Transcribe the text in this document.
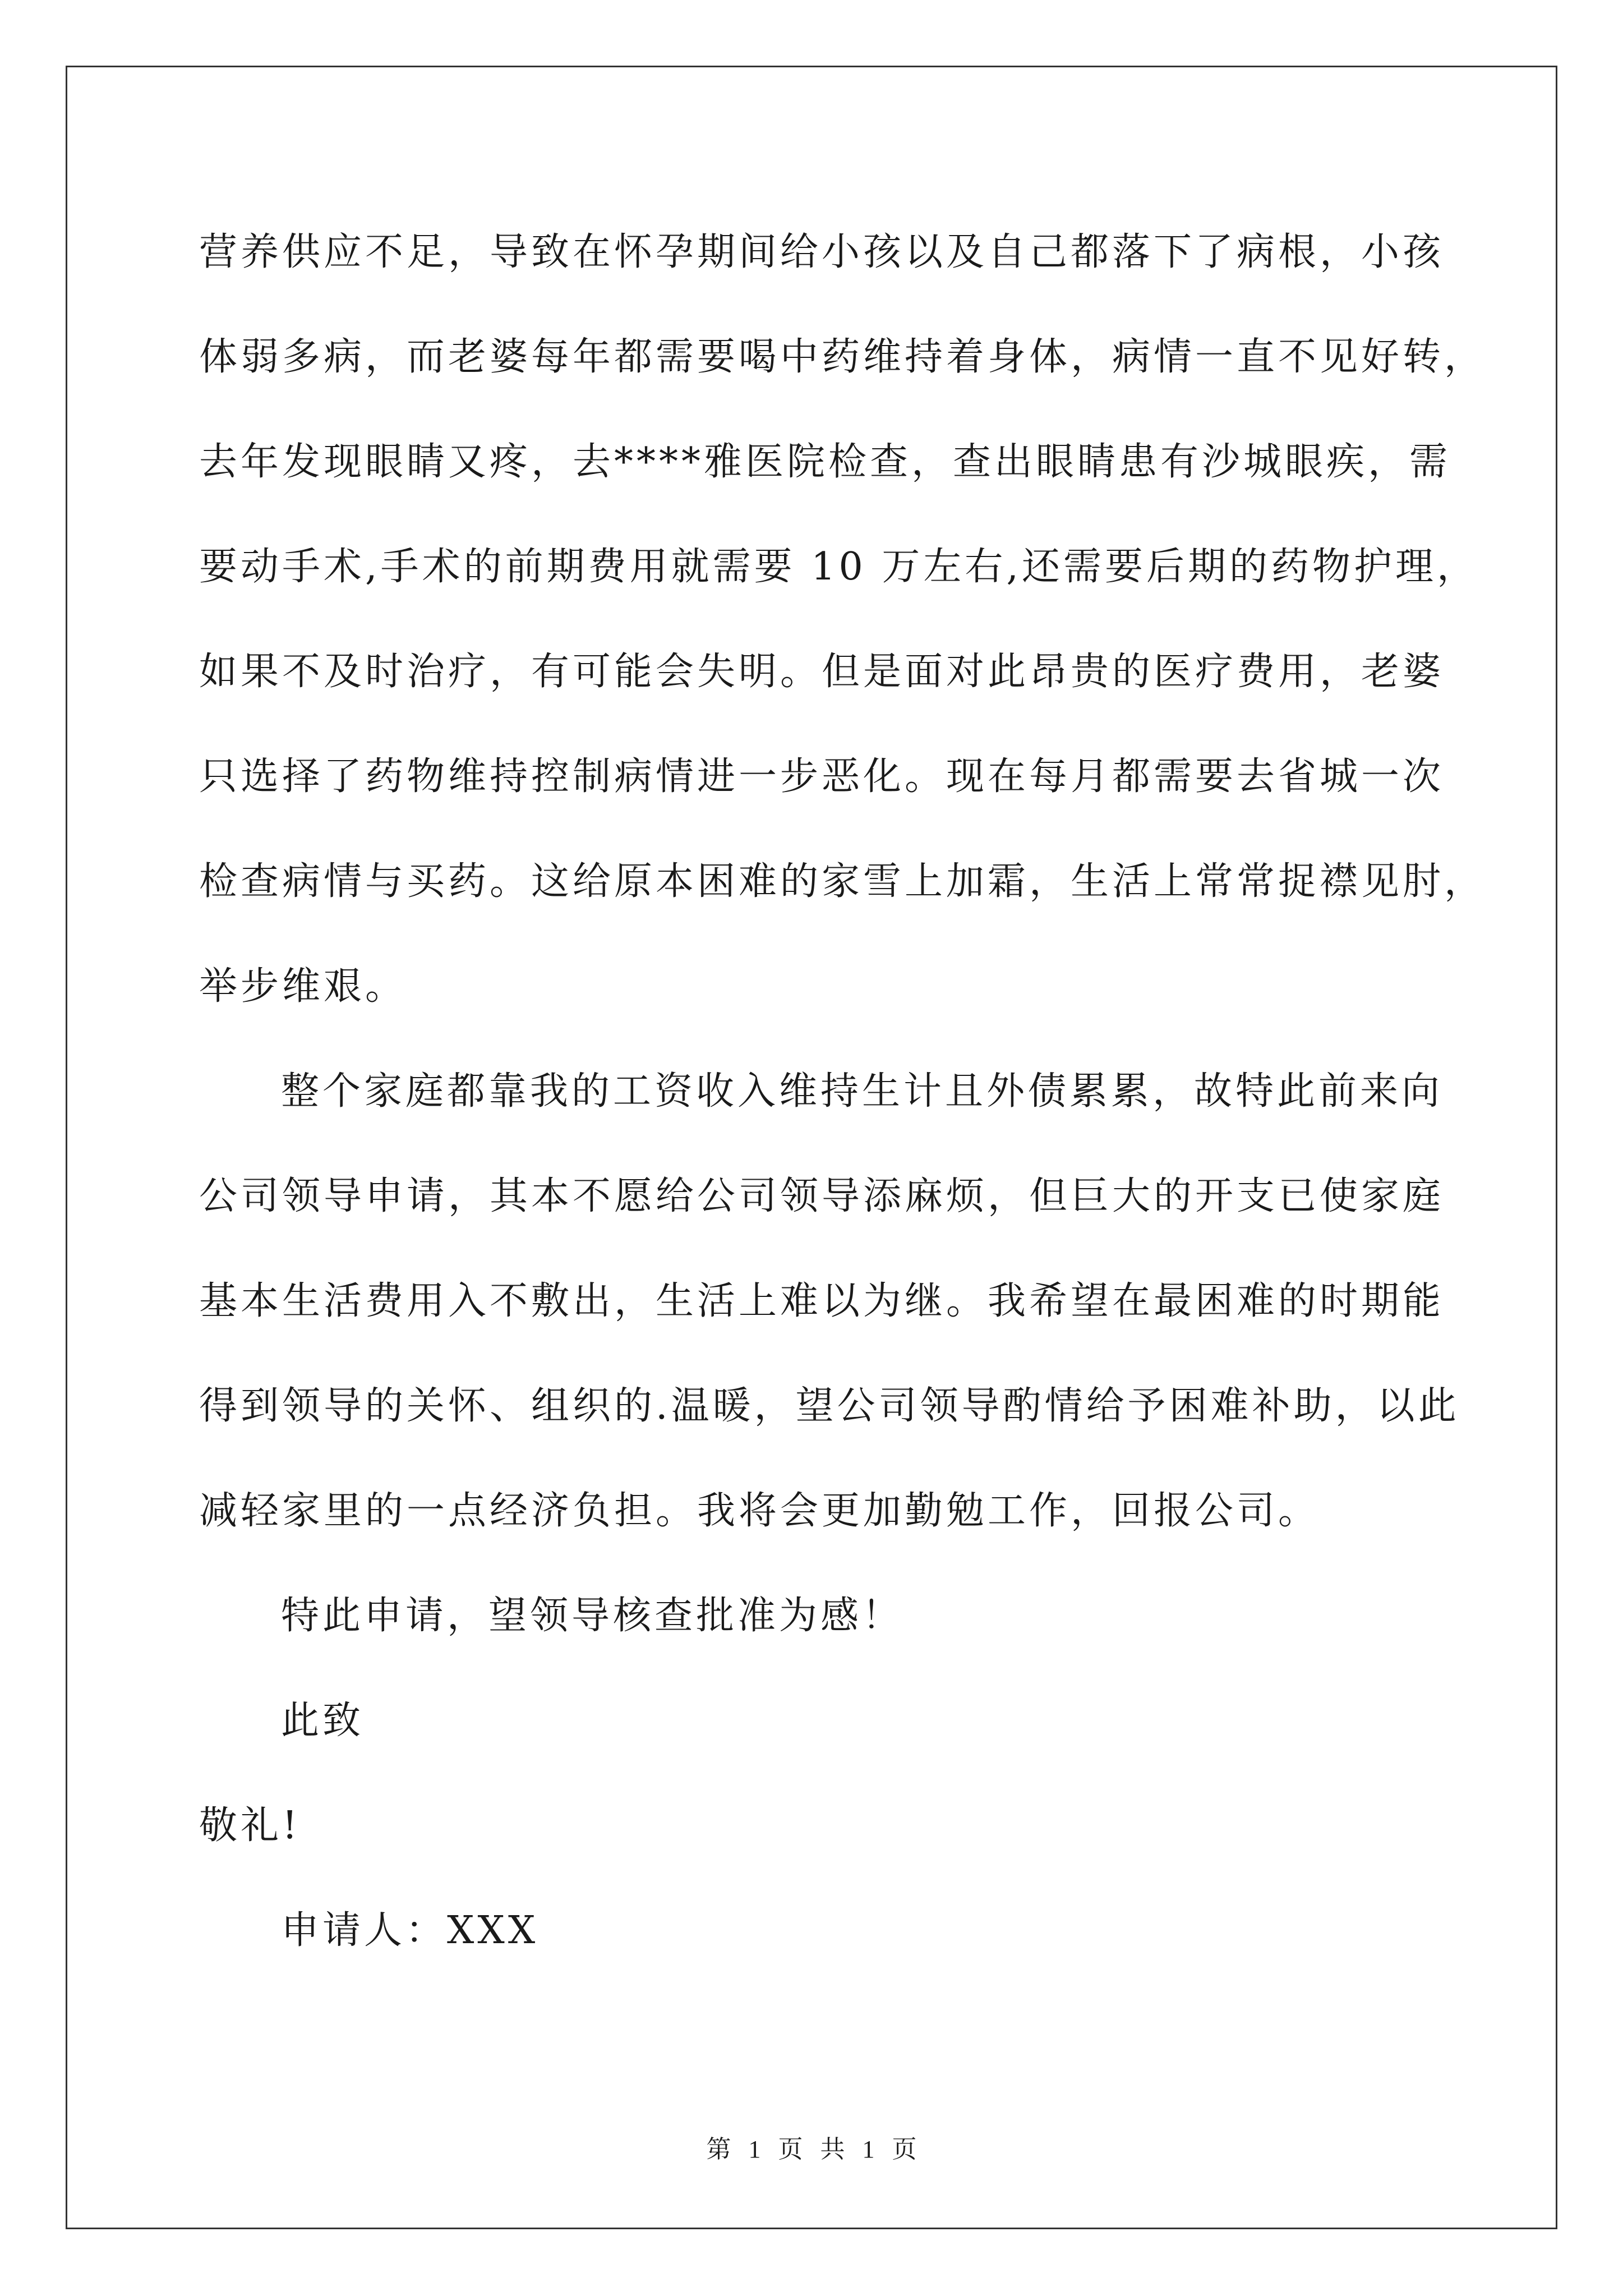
营养供应不足，导致在怀孕期间给小孩以及自己都落下了病根，小孩
体弱多病，而老婆每年都需要喝中药维持着身体，病情一直不见好转，
去年发现眼睛又疼，去****雅医院检查，查出眼睛患有沙城眼疾，需
要动手术,手术的前期费用就需要 10 万左右,还需要后期的药物护理，
如果不及时治疗，有可能会失明。但是面对此昂贵的医疗费用，老婆
只选择了药物维持控制病情进一步恶化。现在每月都需要去省城一次
检查病情与买药。这给原本困难的家雪上加霜，生活上常常捉襟见肘，
举步维艰。
整个家庭都靠我的工资收入维持生计且外债累累，故特此前来向
公司领导申请，其本不愿给公司领导添麻烦，但巨大的开支已使家庭
基本生活费用入不敷出，生活上难以为继。我希望在最困难的时期能
得到领导的关怀、组织的.温暖，望公司领导酌情给予困难补助，以此
减轻家里的一点经济负担。我将会更加勤勉工作，回报公司。
特此申请，望领导核查批准为感！
此致
敬礼!
申请人：XXX
第 1 页 共 1 页
